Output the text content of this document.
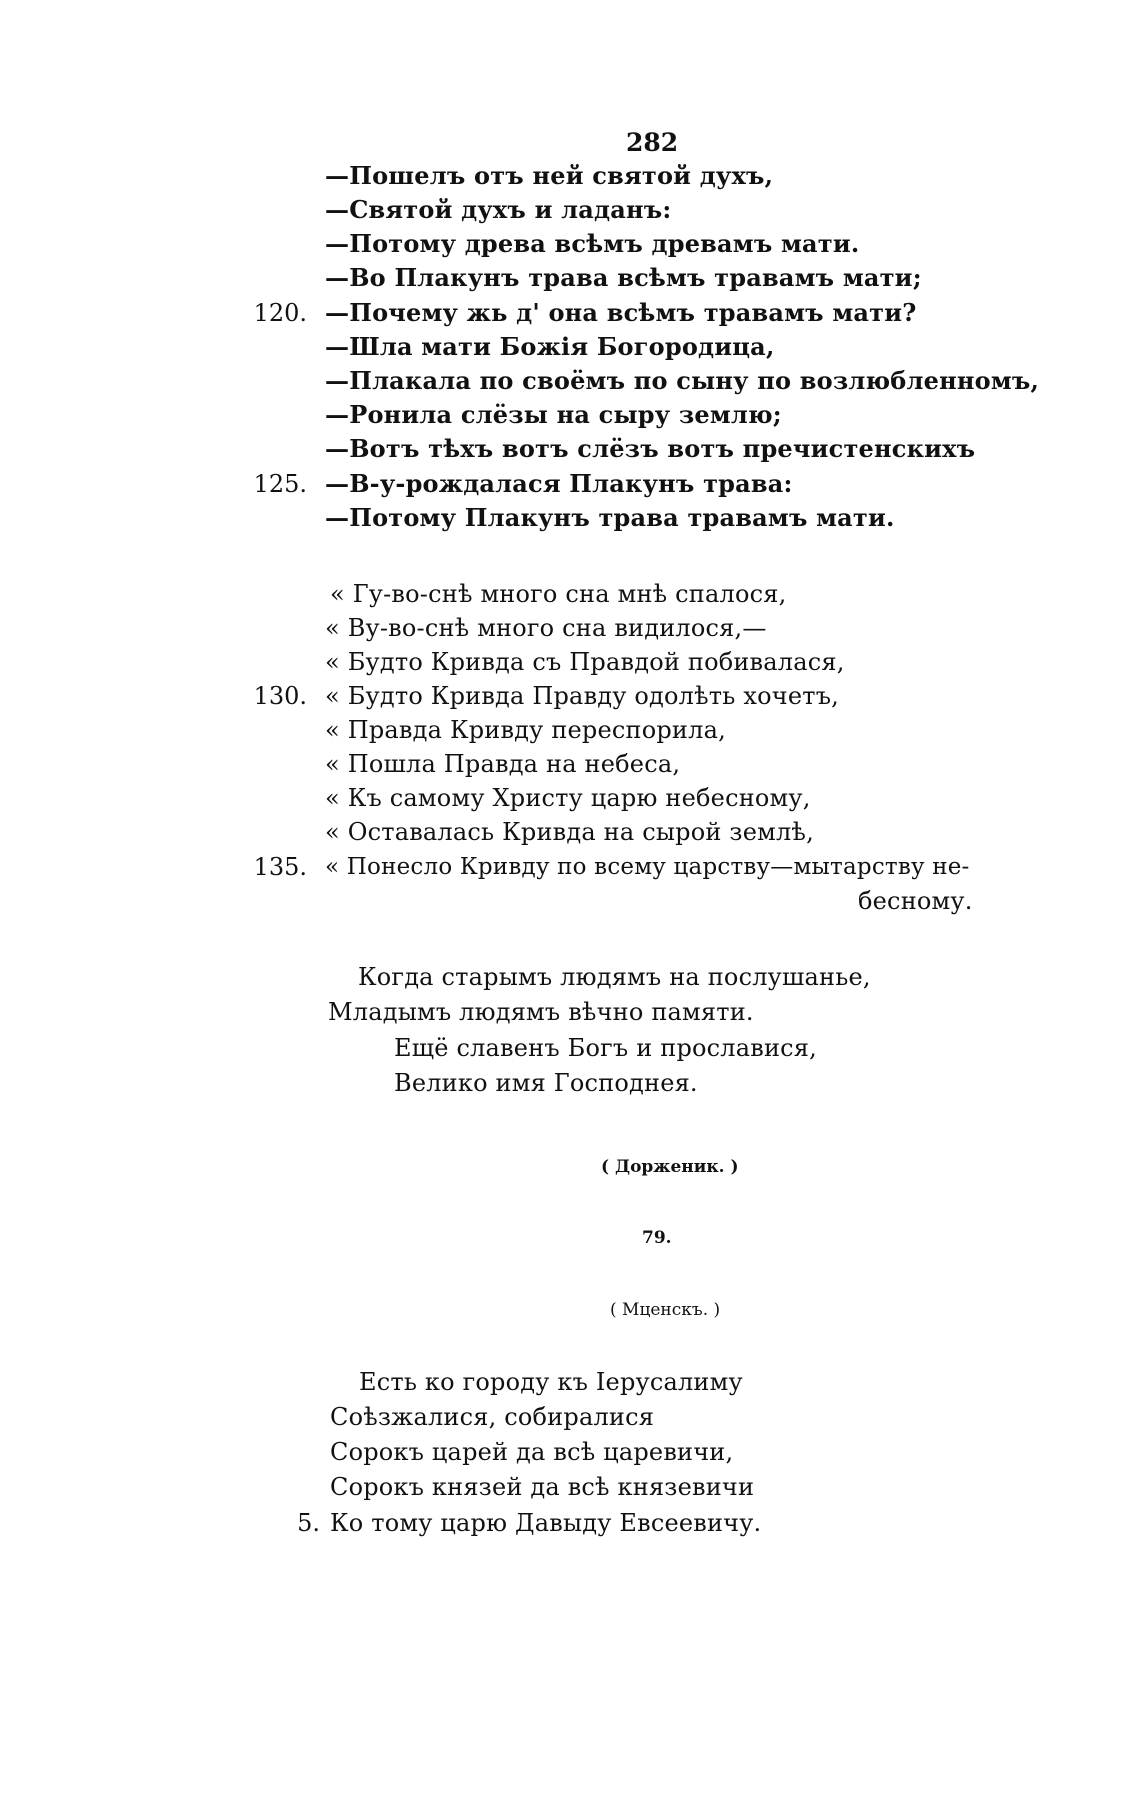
282
—Пошелъ отъ ней святой духъ,
—Святой духъ и ладанъ:
—Потому древа всѣмъ древамъ мати.
—Во Плакунъ трава всѣмъ травамъ мати;
120. —Почему жь д' она всѣмъ травамъ мати?
—Шла мати Божія Богородица,
—Плакала по своёмъ по сыну по возлюбленномъ,
—Ронила слёзы на сыру землю;
—Вотъ тѣхъ вотъ слёзъ вотъ пречистенскихъ
125. —В-у-рождалася Плакунъ трава:
—Потому Плакунъ трава травамъ мати.
« Гу-во-снѣ много сна мнѣ спалося,
« Ву-во-снѣ много сна видилося,—
« Будто Кривда съ Правдой побивалася,
130. « Будто Кривда Правду одолѣть хочетъ,
« Правда Кривду переспорила,
« Пошла Правда на небеса,
« Къ самому Христу царю небесному,
« Оставалась Кривда на сырой землѣ,
135. « Понесло Кривду по всему царству—мытарству не-
бесному.
Когда старымъ людямъ на послушанье,
Младымъ людямъ вѣчно памяти.
Ещё славенъ Богъ и прославися,
Велико имя Господнея.
( Дорженик. )
79.
( Мценскъ. )
Есть ко городу къ Іерусалиму
Соѣзжалися, собиралися
Сорокъ царей да всѣ царевичи,
Сорокъ князей да всѣ князевичи
5. Ко тому царю Давыду Евсеевичу.
